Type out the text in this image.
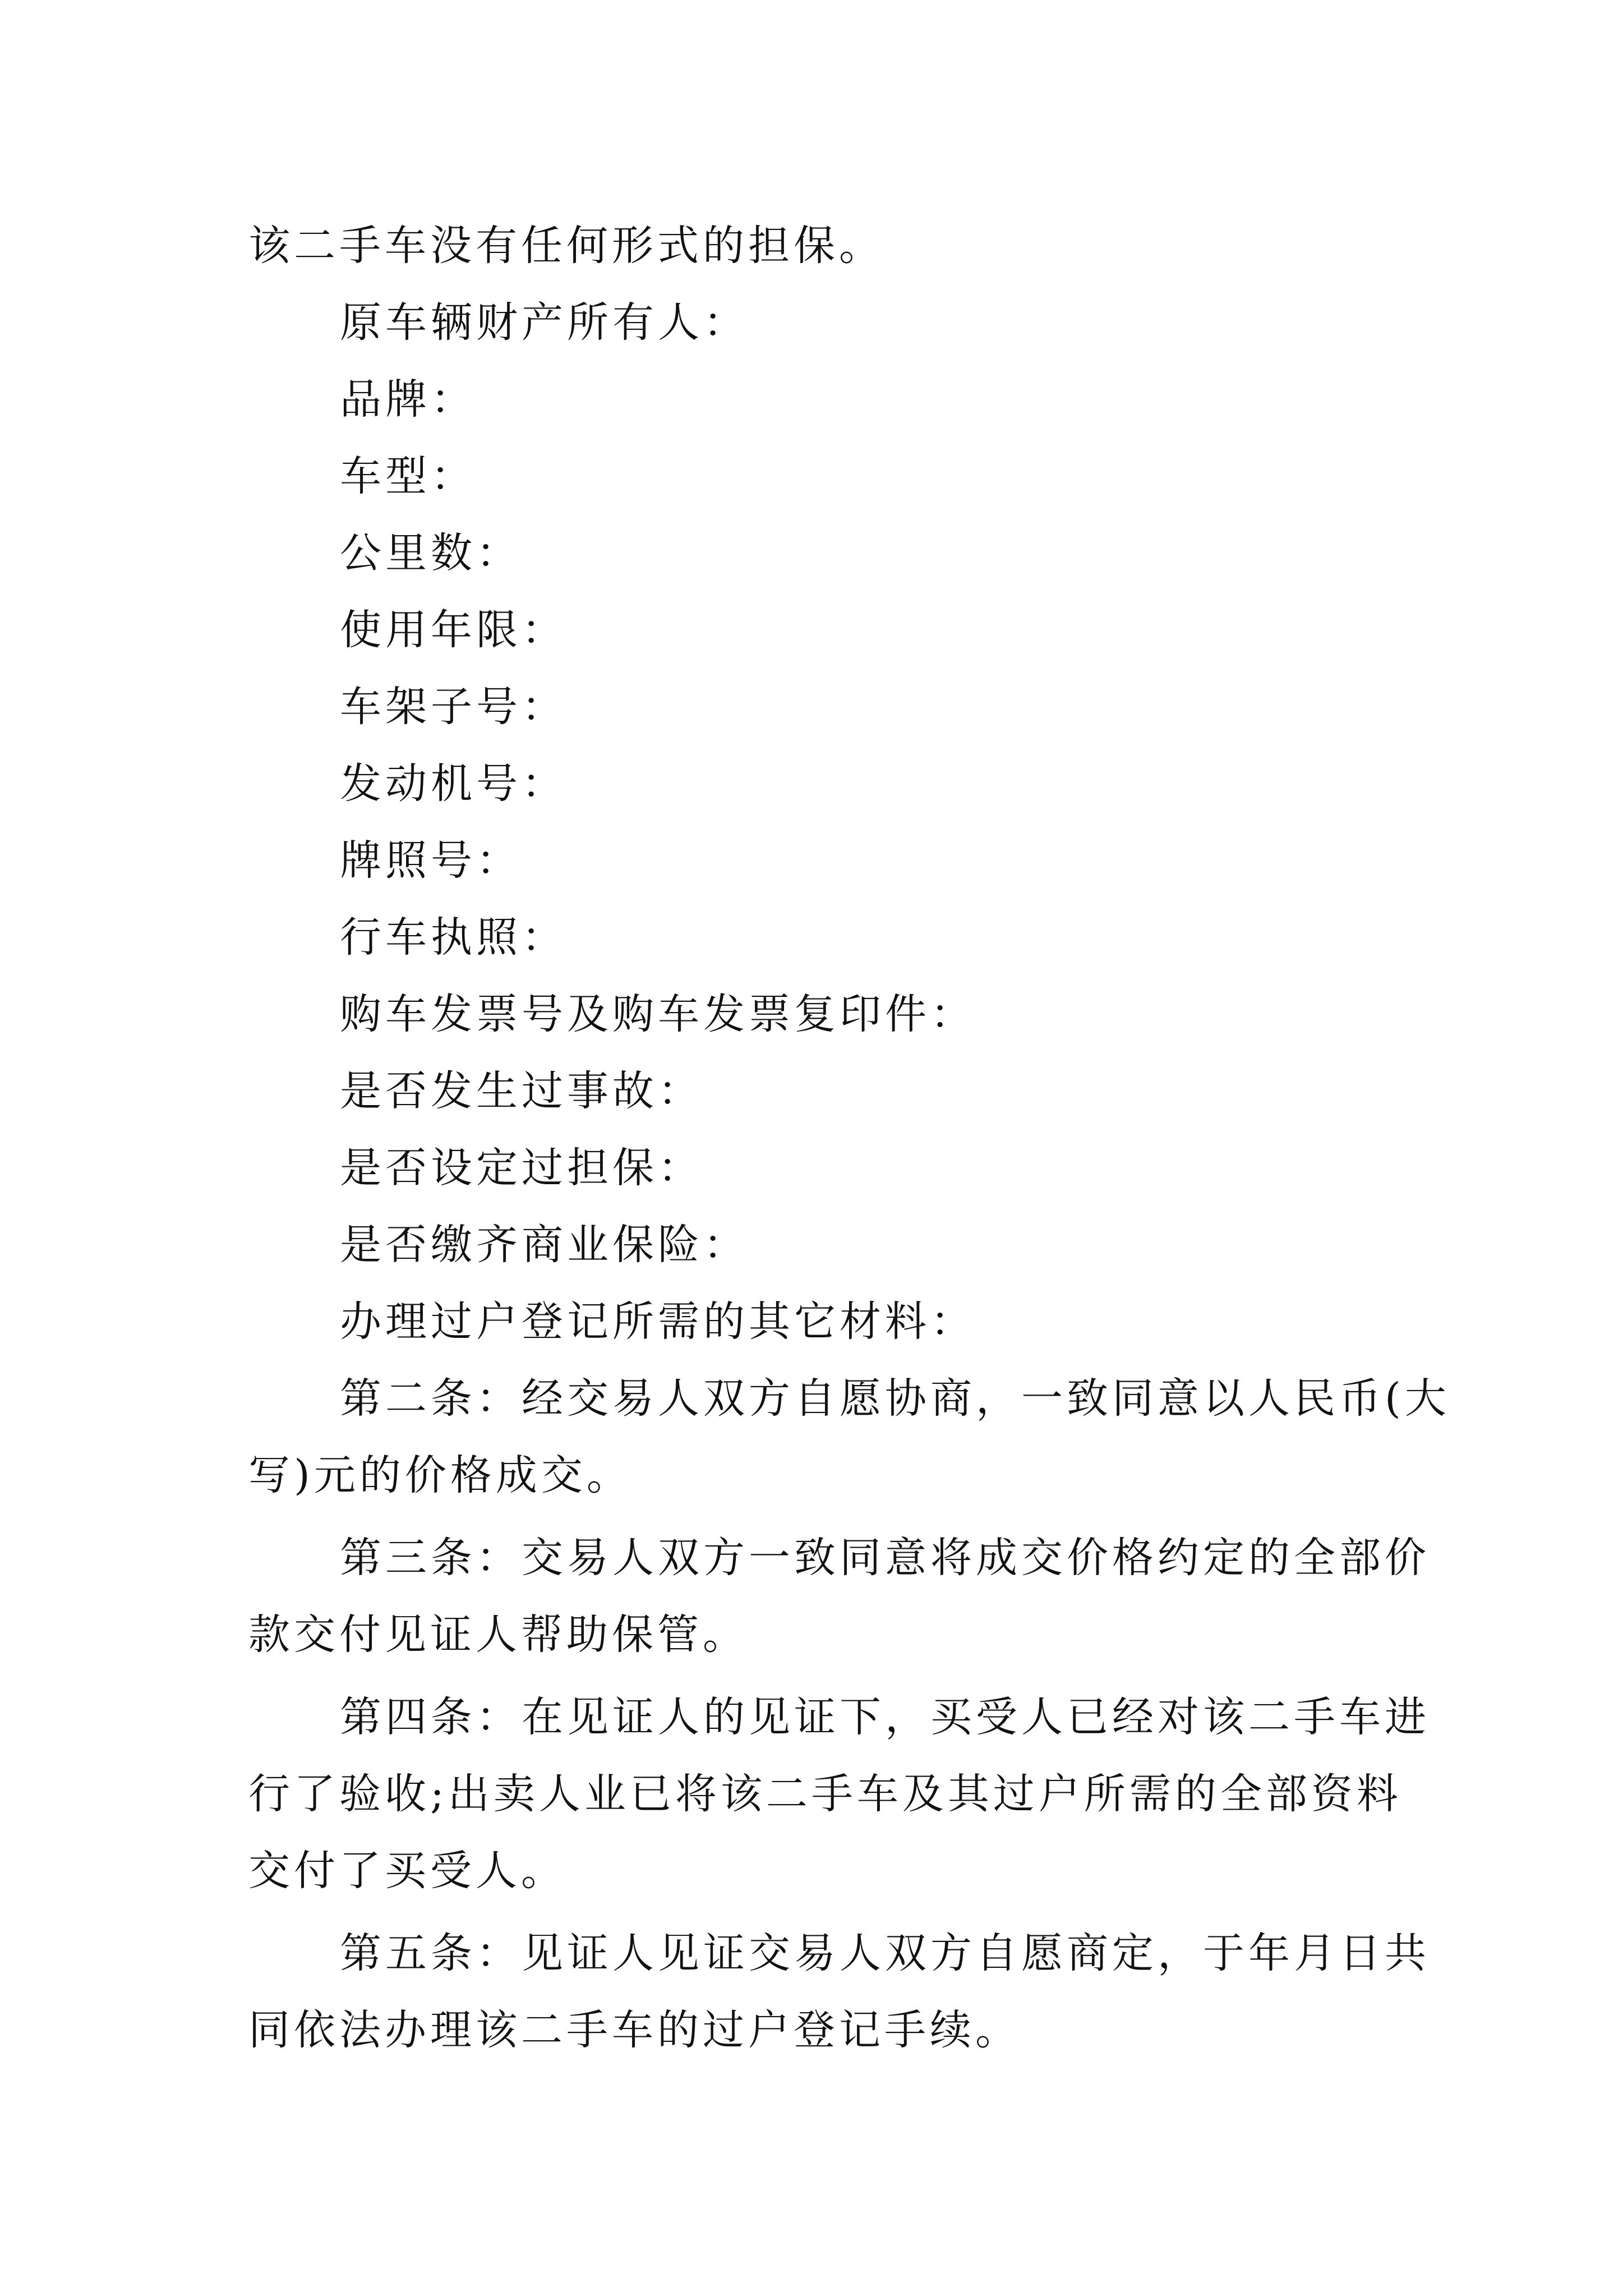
该二手车没有任何形式的担保。
原车辆财产所有人：
品牌：
车型：
公里数：
使用年限：
车架子号：
发动机号：
牌照号：
行车执照：
购车发票号及购车发票复印件：
是否发生过事故：
是否设定过担保：
是否缴齐商业保险：
办理过户登记所需的其它材料：
第二条：经交易人双方自愿协商，一致同意以人民币(大
写)元的价格成交。
第三条：交易人双方一致同意将成交价格约定的全部价
款交付见证人帮助保管。
第四条：在见证人的见证下，买受人已经对该二手车进
行了验收;出卖人业已将该二手车及其过户所需的全部资料
交付了买受人。
第五条：见证人见证交易人双方自愿商定，于年月日共
同依法办理该二手车的过户登记手续。
